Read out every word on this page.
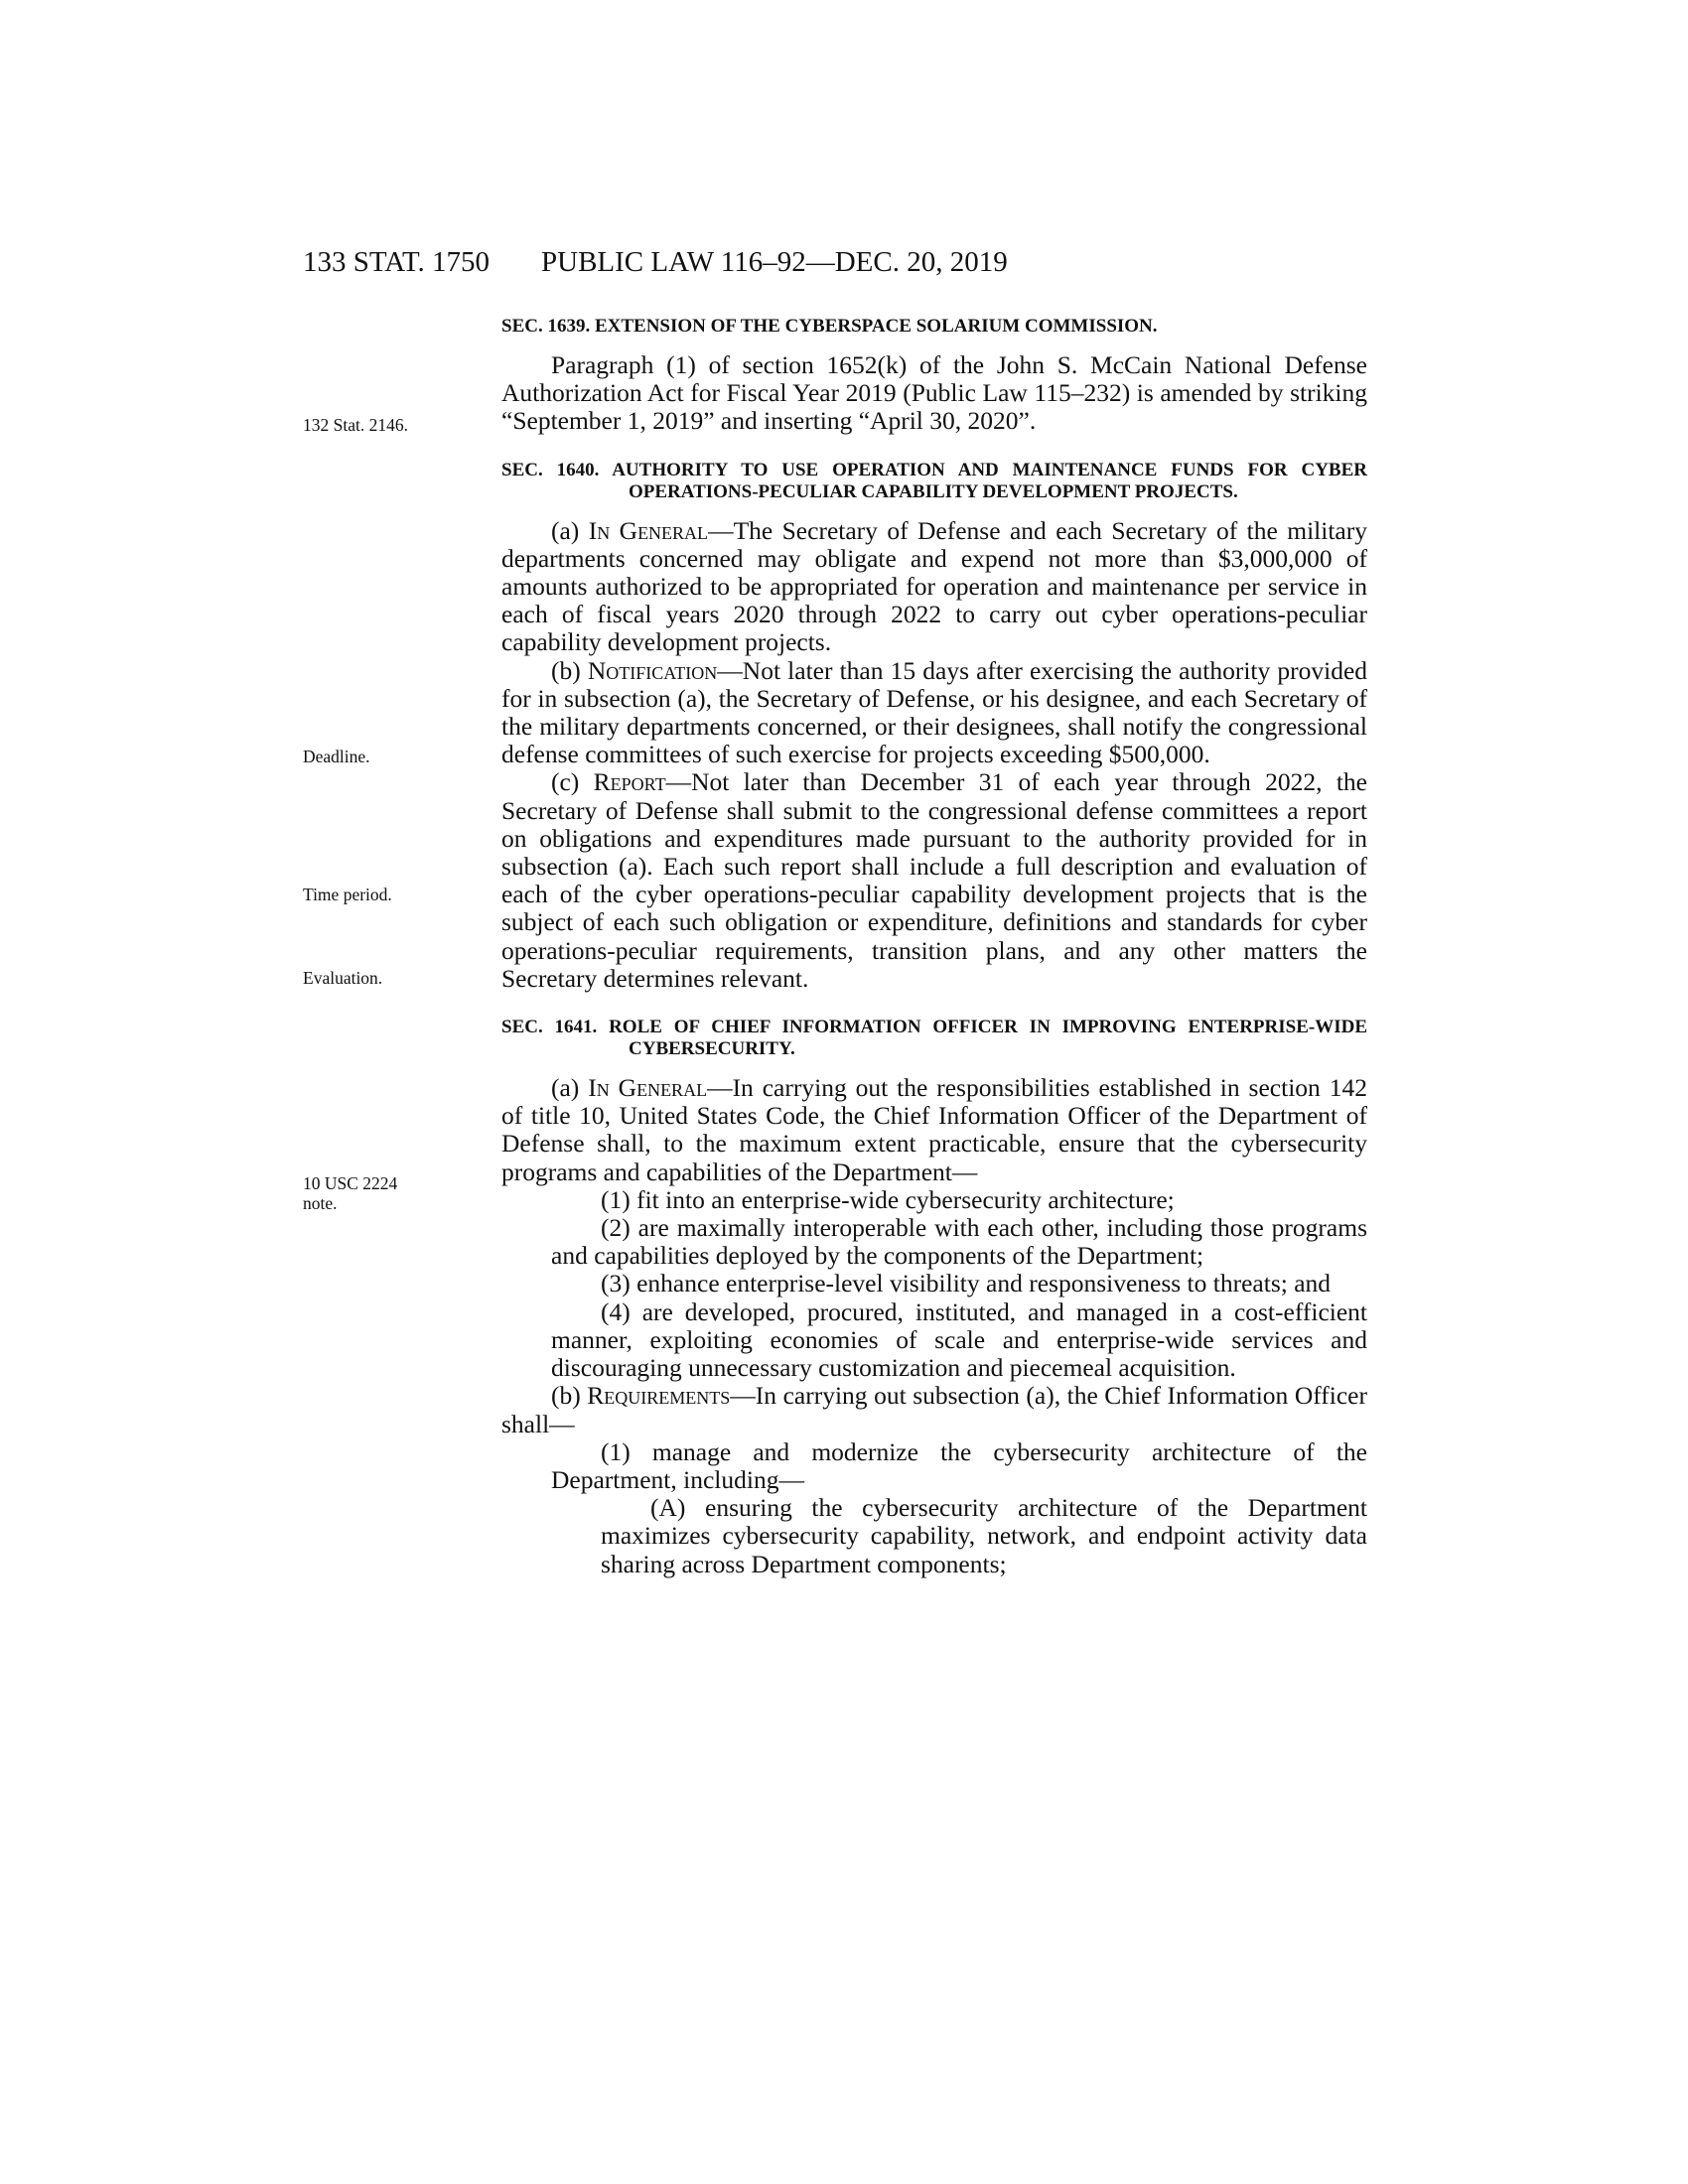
133 STAT. 1750 PUBLIC LAW 116–92—DEC. 20, 2019
132 Stat. 2146.
Deadline.
Time period.
Evaluation.
10 USC 2224 note.

SEC. 1639. EXTENSION OF THE CYBERSPACE SOLARIUM COMMISSION.

Paragraph (1) of section 1652(k) of the John S. McCain National Defense Authorization Act for Fiscal Year 2019 (Public Law 115–232) is amended by striking “September 1, 2019” and inserting “April 30, 2020”.

SEC. 1640. AUTHORITY TO USE OPERATION AND MAINTENANCE FUNDS FOR CYBER OPERATIONS-PECULIAR CAPABILITY DEVELOPMENT PROJECTS.

(a) In General—The Secretary of Defense and each Secretary of the military departments concerned may obligate and expend not more than $3,000,000 of amounts authorized to be appropriated for operation and maintenance per service in each of fiscal years 2020 through 2022 to carry out cyber operations-peculiar capability development projects.

(b) Notification—Not later than 15 days after exercising the authority provided for in subsection (a), the Secretary of Defense, or his designee, and each Secretary of the military departments concerned, or their designees, shall notify the congressional defense committees of such exercise for projects exceeding $500,000.

(c) Report—Not later than December 31 of each year through 2022, the Secretary of Defense shall submit to the congressional defense committees a report on obligations and expenditures made pursuant to the authority provided for in subsection (a). Each such report shall include a full description and evaluation of each of the cyber operations-peculiar capability development projects that is the subject of each such obligation or expenditure, definitions and standards for cyber operations-peculiar requirements, transition plans, and any other matters the Secretary determines relevant.

SEC. 1641. ROLE OF CHIEF INFORMATION OFFICER IN IMPROVING ENTERPRISE-WIDE CYBERSECURITY.

(a) In General—In carrying out the responsibilities established in section 142 of title 10, United States Code, the Chief Information Officer of the Department of Defense shall, to the maximum extent practicable, ensure that the cybersecurity programs and capabilities of the Department—

(1) fit into an enterprise-wide cybersecurity architecture;

(2) are maximally interoperable with each other, including those programs and capabilities deployed by the components of the Department;

(3) enhance enterprise-level visibility and responsiveness to threats; and

(4) are developed, procured, instituted, and managed in a cost-efficient manner, exploiting economies of scale and enterprise-wide services and discouraging unnecessary customization and piecemeal acquisition.

(b) Requirements—In carrying out subsection (a), the Chief Information Officer shall—

(1) manage and modernize the cybersecurity architecture of the Department, including—

(A) ensuring the cybersecurity architecture of the Department maximizes cybersecurity capability, network, and endpoint activity data sharing across Department components;
